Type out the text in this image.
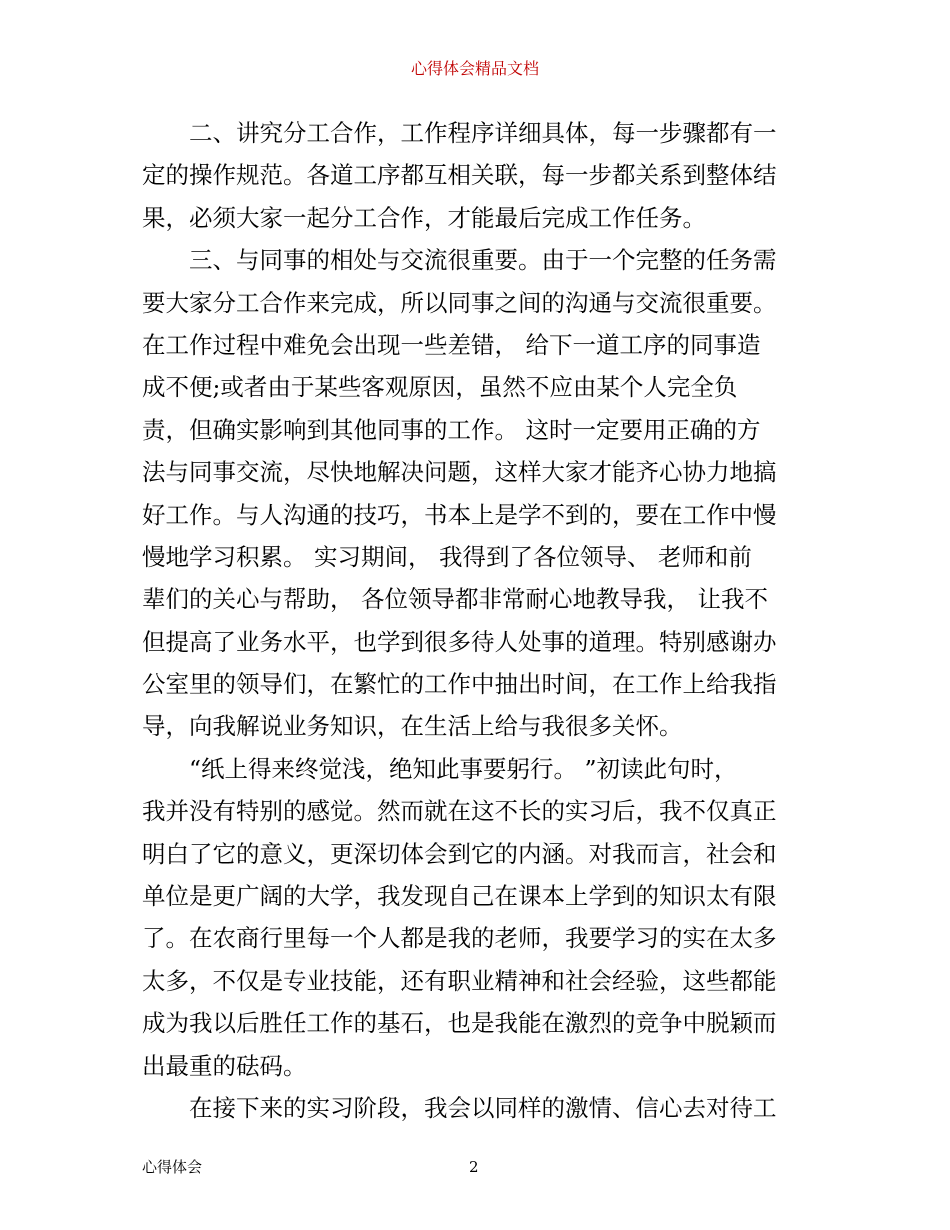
心得体会精品文档
　　二、讲究分工合作，工作程序详细具体，每一步骤都有一
定的操作规范。各道工序都互相关联，每一步都关系到整体结
果，必须大家一起分工合作，才能最后完成工作任务。
　　三、与同事的相处与交流很重要。由于一个完整的任务需
要大家分工合作来完成，所以同事之间的沟通与交流很重要。
在工作过程中难免会出现一些差错， 给下一道工序的同事造
成不便;或者由于某些客观原因，虽然不应由某个人完全负
责，但确实影响到其他同事的工作。 这时一定要用正确的方
法与同事交流，尽快地解决问题，这样大家才能齐心协力地搞
好工作。与人沟通的技巧，书本上是学不到的，要在工作中慢
慢地学习积累。 实习期间， 我得到了各位领导、 老师和前
辈们的关心与帮助， 各位领导都非常耐心地教导我， 让我不
但提高了业务水平，也学到很多待人处事的道理。特别感谢办
公室里的领导们，在繁忙的工作中抽出时间，在工作上给我指
导，向我解说业务知识，在生活上给与我很多关怀。
　　“纸上得来终觉浅，绝知此事要躬行。 ”初读此句时，
我并没有特别的感觉。然而就在这不长的实习后，我不仅真正
明白了它的意义，更深切体会到它的内涵。对我而言，社会和
单位是更广阔的大学，我发现自己在课本上学到的知识太有限
了。在农商行里每一个人都是我的老师，我要学习的实在太多
太多，不仅是专业技能，还有职业精神和社会经验，这些都能
成为我以后胜任工作的基石，也是我能在激烈的竞争中脱颖而
出最重的砝码。
　　在接下来的实习阶段，我会以同样的激情、信心去对待工
心得体会	2
